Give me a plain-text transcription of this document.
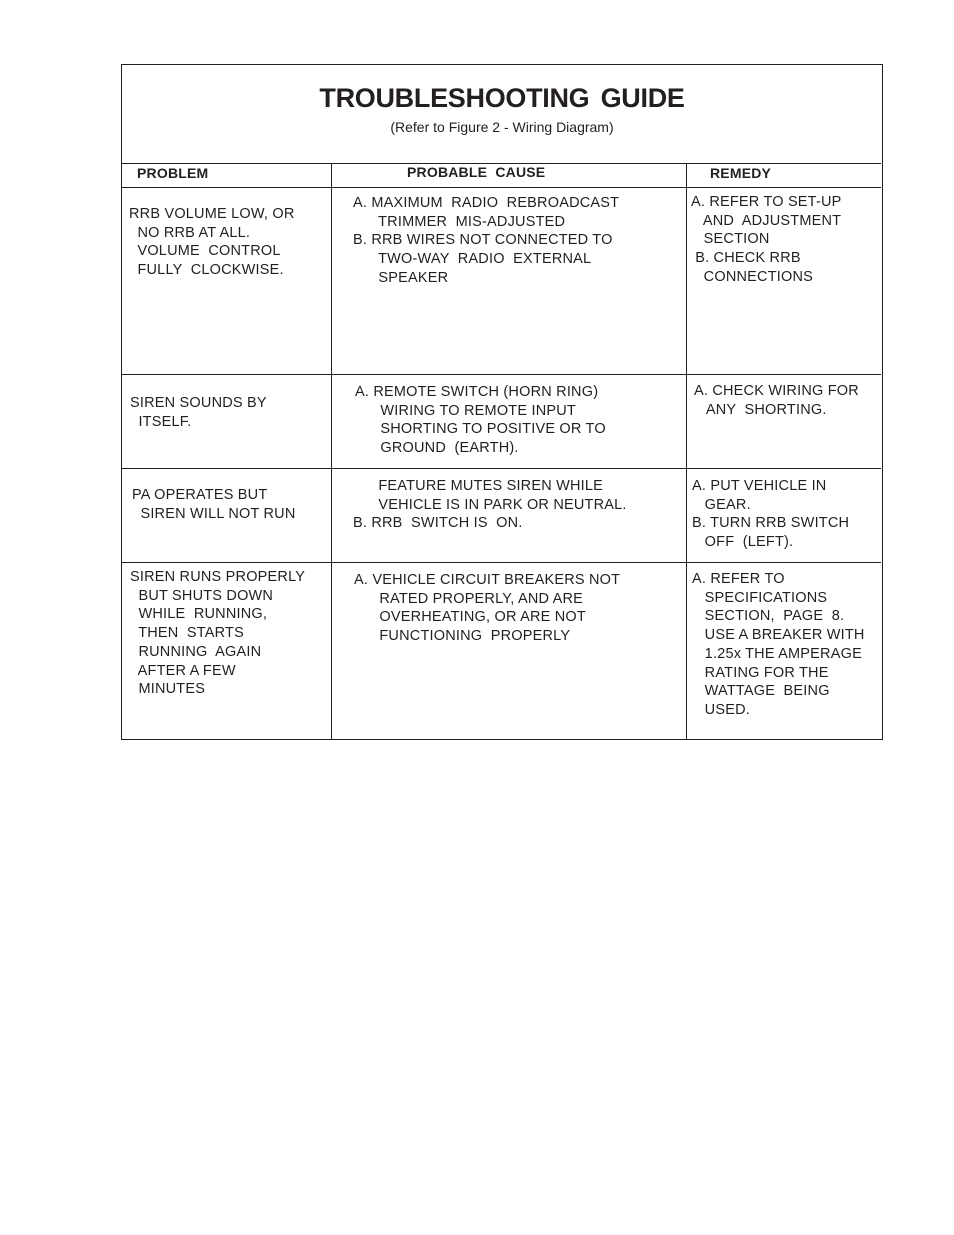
TROUBLESHOOTING GUIDE
(Refer to Figure 2 - Wiring Diagram)
PROBLEM	PROBABLE  CAUSE	REMEDY
RRB VOLUME LOW, OR
NO RRB AT ALL.
VOLUME  CONTROL
FULLY  CLOCKWISE.
A. MAXIMUM  RADIO  REBROADCAST
TRIMMER  MIS-ADJUSTED
B. RRB WIRES NOT CONNECTED TO
TWO-WAY  RADIO  EXTERNAL
SPEAKER
A. REFER TO SET-UP
AND  ADJUSTMENT
SECTION
B. CHECK RRB
CONNECTIONS
SIREN SOUNDS BY
ITSELF.
A. REMOTE SWITCH (HORN RING)
WIRING TO REMOTE INPUT
SHORTING TO POSITIVE OR TO
GROUND  (EARTH).
A. CHECK WIRING FOR
ANY  SHORTING.
PA OPERATES BUT
SIREN WILL NOT RUN
FEATURE MUTES SIREN WHILE
VEHICLE IS IN PARK OR NEUTRAL.
B. RRB  SWITCH IS  ON.
A. PUT VEHICLE IN
GEAR.
B. TURN RRB SWITCH
OFF  (LEFT).
SIREN RUNS PROPERLY
BUT SHUTS DOWN
WHILE  RUNNING,
THEN  STARTS
RUNNING  AGAIN
AFTER A FEW
MINUTES
A. VEHICLE CIRCUIT BREAKERS NOT
RATED PROPERLY, AND ARE
OVERHEATING, OR ARE NOT
FUNCTIONING  PROPERLY
A. REFER TO
SPECIFICATIONS
SECTION,  PAGE  8.
USE A BREAKER WITH
1.25x THE AMPERAGE
RATING FOR THE
WATTAGE  BEING
USED.
